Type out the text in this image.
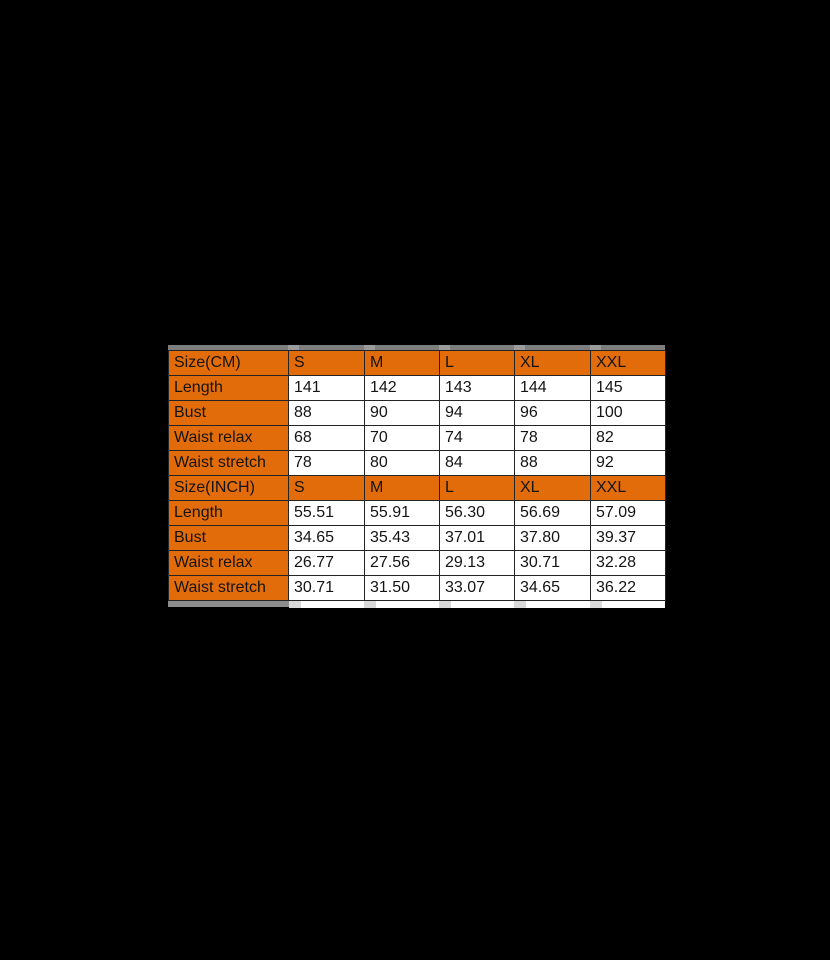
Size(CM)	S	M	L	XL	XXL
Length	141	142	143	144	145
Bust	88	90	94	96	100
Waist relax	68	70	74	78	82
Waist stretch	78	80	84	88	92
Size(INCH)	S	M	L	XL	XXL
Length	55.51	55.91	56.30	56.69	57.09
Bust	34.65	35.43	37.01	37.80	39.37
Waist relax	26.77	27.56	29.13	30.71	32.28
Waist stretch	30.71	31.50	33.07	34.65	36.22
